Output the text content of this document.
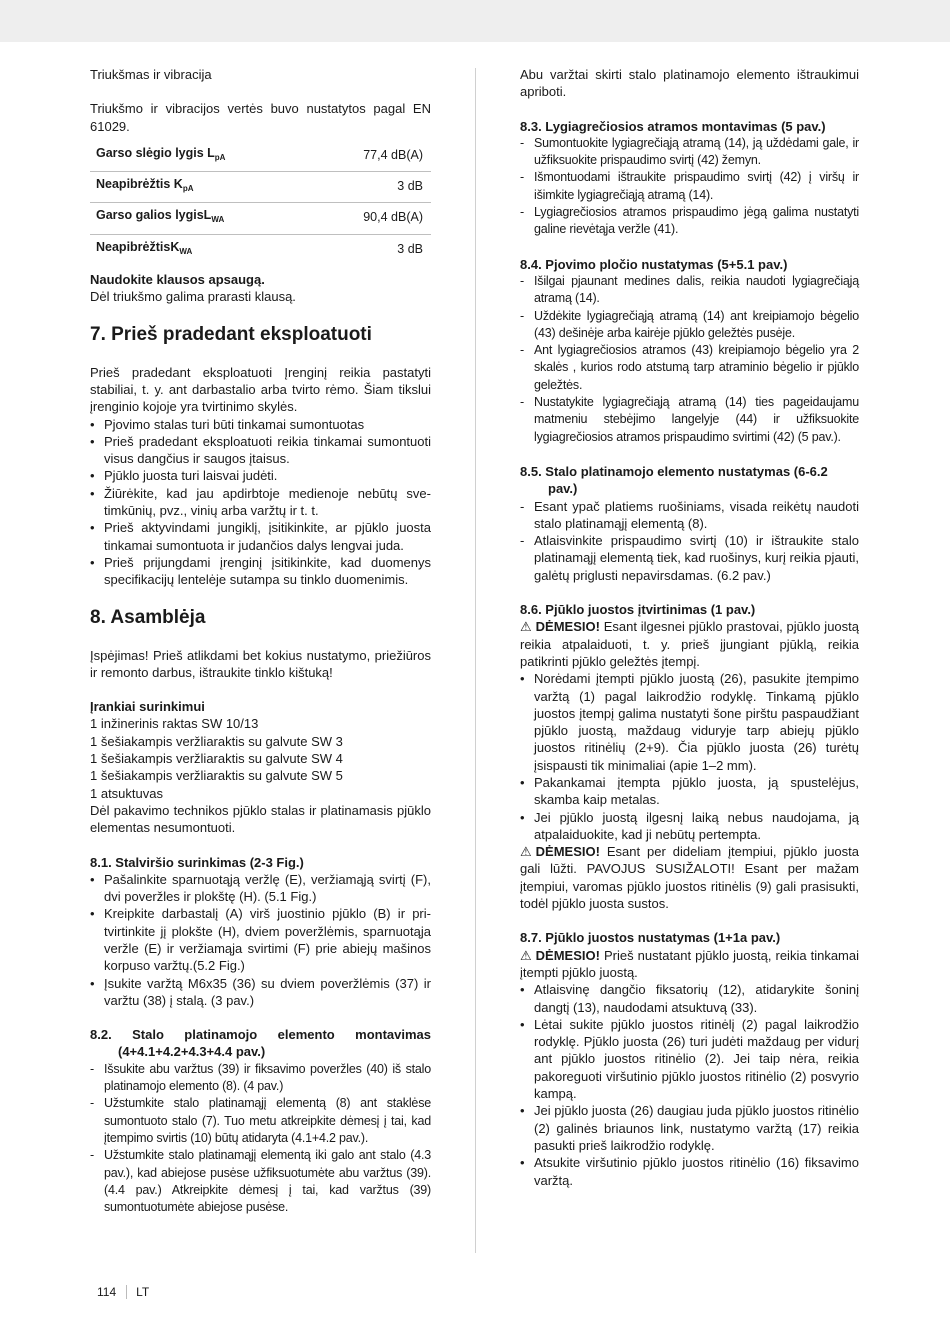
Triukšmas ir vibracija

Triukšmo ir vibracijos vertės buvo nustatytos pagal EN 61029.

Garso slėgio lygis $L_{pA}$	77,4 dB(A)
Neapibrėžtis $K_{pA}$	3 dB
Garso galios lygisL$_{WA}$	90,4 dB(A)
NeapibrėžtisK$_{WA}$	3 dB

Naudokite klausos apsaugą.

Dėl triukšmo galima prarasti klausą.

7. Prieš pradedant eksploatuoti

Prieš pradedant eksploatuoti Įrenginį reikia pastatyti stabiliai, t. y. ant darbastalio arba tvirto rėmo. Šiam tikslui įrenginio kojoje yra tvirtinimo skylės.

• Pjovimo stalas turi būti tinkamai sumontuotas
• Prieš pradedant eksploatuoti reikia tinkamai sumontuoti visus dangčius ir saugos įtaisus.
• Pjūklo juosta turi laisvai judėti.
• Žiūrėkite, kad jau apdirbtoje medienoje nebūtų svetimkūnių, pvz., vinių arba varžtų ir t. t.
• Prieš aktyvindami jungiklį, įsitikinkite, ar pjūklo juosta tinkamai sumontuota ir judančios dalys lengvai juda.
• Prieš prijungdami įrenginį įsitikinkite, kad duomenys specifikacijų lentelėje sutampa su tinklo duomenimis.
8. Asamblėja

Įspėjimas! Prieš atlikdami bet kokius nustatymo, priežiūros ir remonto darbus, ištraukite tinklo kištuką!

Įrankiai surinkimui

1 inžinerinis raktas SW 10/13

1 šešiakampis veržliaraktis su galvute SW 3

1 šešiakampis veržliaraktis su galvute SW 4

1 šešiakampis veržliaraktis su galvute SW 5

1 atsuktuvas

Dėl pakavimo technikos pjūklo stalas ir platinamasis pjūklo elementas nesumontuoti.

8.1. Stalviršio surinkimas (2-3 Fig.)

• Pašalinkite sparnuotąją veržlę (E), veržiamąją svirtį (F), dvi poveržles ir plokštę (H). (5.1 Fig.)
• Kreipkite darbastalį (A) virš juostinio pjūklo (B) ir pritvirtinkite jį plokšte (H), dviem poveržlėmis, sparnuotąja veržle (E) ir veržiamąja svirtimi (F) prie abiejų mašinos korpuso varžtų.(5.2 Fig.)
• Įsukite varžtą M6x35 (36) su dviem poveržlėmis (37) ir varžtu (38) į stalą. (3 pav.)

8.2. Stalo platinamojo elemento montavimas (4+4.1+4.2+4.3+4.4 pav.)

- Išsukite abu varžtus (39) ir fiksavimo poveržles (40) iš stalo platinamojo elemento (8). (4 pav.)
- Užstumkite stalo platinamąjį elementą (8) ant staklėse sumontuoto stalo (7). Tuo metu atkreipkite dėmesį į tai, kad įtempimo svirtis (10) būtų atidaryta (4.1+4.2 pav.).
- Užstumkite stalo platinamąjį elementą iki galo ant stalo (4.3 pav.), kad abiejose pusėse užfiksuotumėte abu varžtus (39). (4.4 pav.) Atkreipkite dėmesį į tai, kad varžtus (39) sumontuotumėte abiejose pusėse.

Abu varžtai skirti stalo platinamojo elemento ištraukimui apriboti.

8.3. Lygiagrečiosios atramos montavimas (5 pav.)

- Sumontuokite lygiagrečiąją atramą (14), ją uždėdami gale, ir užfiksuokite prispaudimo svirtį (42) žemyn.
- Išmontuodami ištraukite prispaudimo svirtį (42) į viršų ir išimkite lygiagrečiąją atramą (14).
- Lygiagrečiosios atramos prispaudimo jėgą galima nustatyti galine rievėtąja veržle (41).

8.4. Pjovimo pločio nustatymas (5+5.1 pav.)

- Išilgai pjaunant medines dalis, reikia naudoti lygiagrečiąją atramą (14).
- Uždėkite lygiagrečiąją atramą (14) ant kreipiamojo bėgelio (43) dešinėje arba kairėje pjūklo geležtės pusėje.
- Ant lygiagrečiosios atramos (43) kreipiamojo bėgelio yra 2 skalės , kurios rodo atstumą tarp atraminio bėgelio ir pjūklo geležtės.
- Nustatykite lygiagrečiąją atramą (14) ties pageidaujamu matmeniu stebėjimo langelyje (44) ir užfiksuokite lygiagrečiosios atramos prispaudimo svirtimi (42) (5 pav.).

8.5. Stalo platinamojo elemento nustatymas (6-6.2 pav.)

- Esant ypač platiems ruošiniams, visada reikėtų naudoti stalo platinamąjį elementą (8).
- Atlaisvinkite prispaudimo svirtį (10) ir ištraukite stalo platinamąjį elementą tiek, kad ruošinys, kurį reikia pjauti, galėtų priglusti nepavirsdamas. (6.2 pav.)

8.6. Pjūklo juostos įtvirtinimas (1 pav.)

⚠ DĖMESIO! Esant ilgesnei pjūklo prastovai, pjūklo juostą reikia atpalaiduoti, t. y. prieš įjungiant pjūklą, reikia patikrinti pjūklo geležtės įtempį.

• Norėdami įtempti pjūklo juostą (26), pasukite įtempimo varžtą (1) pagal laikrodžio rodyklę. Tinkamą pjūklo juostos įtempį galima nustatyti šone pirštu paspaudžiant pjūklo juostą, maždaug viduryje tarp abiejų pjūklo juostos ritinėlių (2+9). Čia pjūklo juosta (26) turėtų įsispausti tik minimaliai (apie 1–2 mm).
• Pakankamai įtempta pjūklo juosta, ją spustelėjus, skamba kaip metalas.
• Jei pjūklo juostą ilgesnį laiką nebus naudojama, ją atpalaiduokite, kad ji nebūtų pertempta.

⚠ DĖMESIO! Esant per dideliam įtempiui, pjūklo juosta gali lūžti. PAVOJUS SUSIŽALOTI! Esant per mažam įtempiui, varomas pjūklo juostos ritinėlis (9) gali prasisukti, todėl pjūklo juosta sustos.

8.7. Pjūklo juostos nustatymas (1+1a pav.)

⚠ DĖMESIO! Prieš nustatant pjūklo juostą, reikia tinkamai įtempti pjūklo juostą.

• Atlaisvinę dangčio fiksatorių (12), atidarykite šoninį dangtį (13), naudodami atsuktuvą (33).
• Lėtai sukite pjūklo juostos ritinėlį (2) pagal laikrodžio rodyklę. Pjūklo juosta (26) turi judėti maždaug per vidurį ant pjūklo juostos ritinėlio (2). Jei taip nėra, reikia pakoreguoti viršutinio pjūklo juostos ritinėlio (2) posvyrio kampą.
• Jei pjūklo juosta (26) daugiau juda pjūklo juostos ritinėlio (2) galinės briaunos link, nustatymo varžtą (17) reikia pasukti prieš laikrodžio rodyklę.
• Atsukite viršutinio pjūklo juostos ritinėlio (16) fiksavimo varžtą.
114 LT
